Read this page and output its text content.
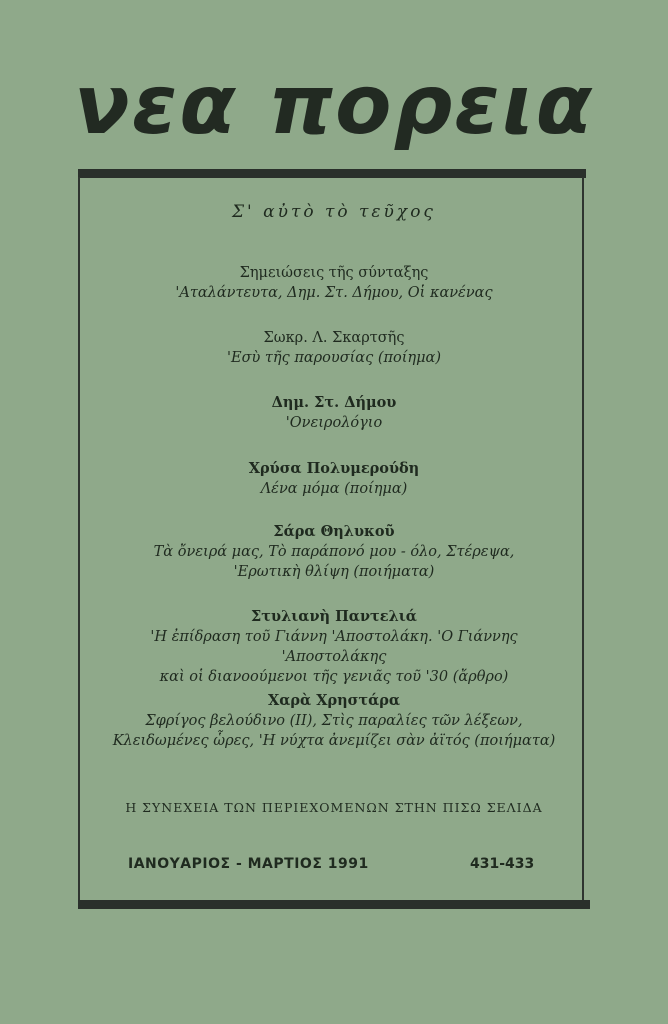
νεα πορεια
Σ' αὐτὸ τὸ τεῦχος
Σημειώσεις τῆς σύνταξης
'Αταλάντευτα, Δημ. Στ. Δήμου, Οἱ κανένας
Σωκρ. Λ. Σκαρτσῆς
'Εσὺ τῆς παρουσίας (ποίημα)
Δημ. Στ. Δήμου
'Ονειρολόγιο
Χρύσα Πολυμερούδη
Λένα μόμα (ποίημα)
Σάρα Θηλυκοῦ
Τὰ ὄνειρά μας, Τὸ παράπονό μου - όλο, Στέρεψα,
'Ερωτικὴ θλίψη (ποιήματα)
Στυλιανὴ Παντελιά
'Η ἐπίδραση τοῦ Γιάννη 'Αποστολάκη. 'Ο Γιάννης 'Αποστολάκης
καὶ οἱ διανοούμενοι τῆς γενιᾶς τοῦ '30 (ἄρθρο)
Χαρὰ Χρηστάρα
Σφρίγος βελούδινο (ΙΙ), Στὶς παραλίες τῶν λέξεων,
Κλειδωμένες ὧρες, 'Η νύχτα ἀνεμίζει σὰν ἀϊτός (ποιήματα)
Η ΣΥΝΕΧΕΙΑ ΤΩΝ ΠΕΡΙΕΧΟΜΕΝΩΝ ΣΤΗΝ ΠΙΣΩ ΣΕΛΙΔΑ
ΙΑΝΟΥΑΡΙΟΣ - ΜΑΡΤΙΟΣ 1991	431-433
